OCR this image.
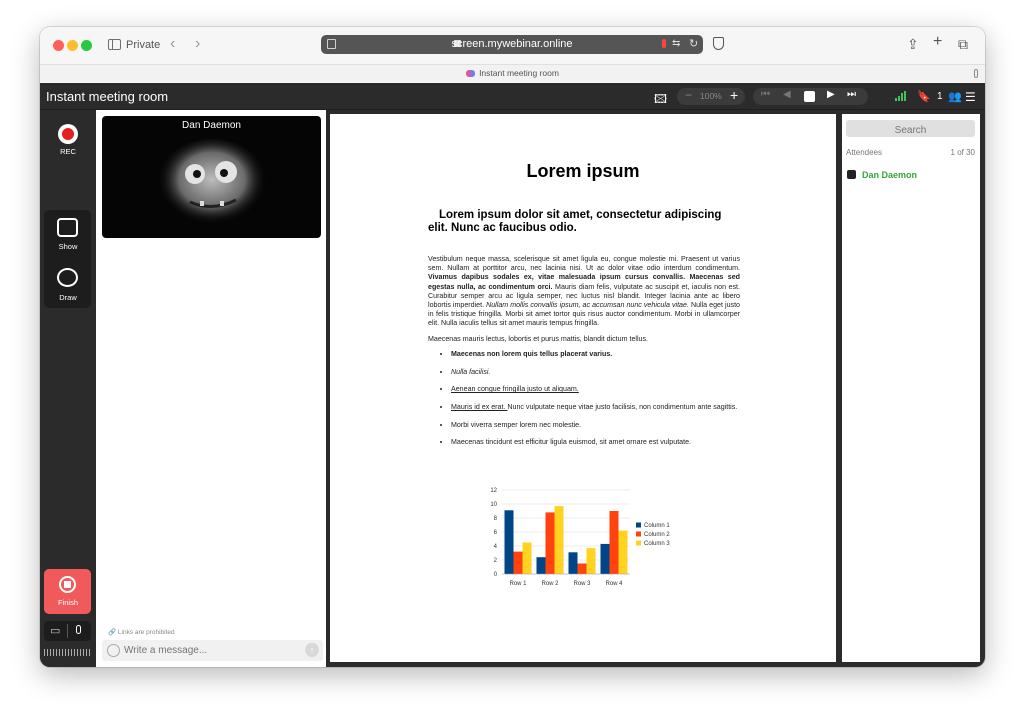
Private ‹ ›	screen.mywebinar.online	⇆ ↻	⇪ + ⧉
Instant meeting room
Instant meeting room	🖾 − 100% + ⏮ ◀	▶ ⏭	🔖 1 👥 ☰
REC
Show
Draw
Finish
▭
Dan Daemon
🔗 Links are prohibited
Write a message...
↑
Lorem ipsum
Lorem ipsum dolor sit amet, consectetur adipiscing elit. Nunc ac faucibus odio.

Vestibulum neque massa, scelerisque sit amet ligula eu, congue molestie mi. Praesent ut varius sem. Nullam at porttitor arcu, nec lacinia nisi. Ut ac dolor vitae odio interdum condimentum. Vivamus dapibus sodales ex, vitae malesuada ipsum cursus convallis. Maecenas sed egestas nulla, ac condimentum orci. Mauris diam felis, vulputate ac suscipit et, iaculis non est. Curabitur semper arcu ac ligula semper, nec luctus nisl blandit. Integer lacinia ante ac libero lobortis imperdiet. Nullam mollis convallis ipsum, ac accumsan nunc vehicula vitae. Nulla eget justo in felis tristique fringilla. Morbi sit amet tortor quis risus auctor condimentum. Morbi in ullamcorper elit. Nulla iaculis tellus sit amet mauris tempus fringilla.

Maecenas mauris lectus, lobortis et purus mattis, blandit dictum tellus.

• Maecenas non lorem quis tellus placerat varius.
• Nulla facilisi.
• Aenean congue fringilla justo ut aliquam.
• Mauris id ex erat. Nunc vulputate neque vitae justo facilisis, non condimentum ante sagittis.
• Morbi viverra semper lorem nec molestie.
• Maecenas tincidunt est efficitur ligula euismod, sit amet ornare est vulputate.
0
2
4
6
8
10
12
Row 1 Row 2 Row 3 Row 4
Column 1
Column 2
Column 3
Search
Attendees	1 of 30
Dan Daemon
